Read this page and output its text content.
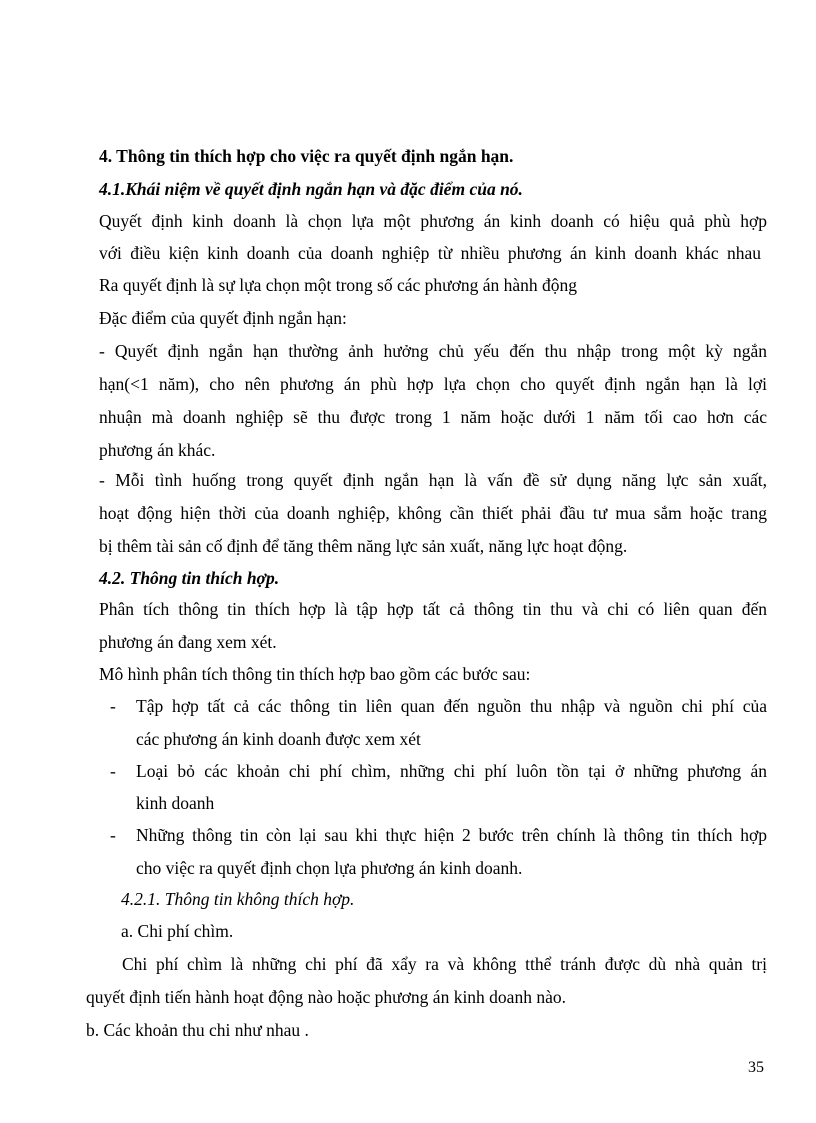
4. Thông tin thích hợp cho việc ra quyết định ngắn hạn.
4.1.Khái niệm về quyết định ngắn hạn và đặc điểm của nó.
Quyết định kinh doanh là chọn lựa một phương án kinh doanh có hiệu quả phù hợp
với điều kiện kinh doanh của doanh nghiệp từ nhiều phương án kinh doanh khác nhau
Ra quyết định là sự lựa chọn một trong số các phương án hành động
Đặc điểm của quyết định ngắn hạn:
- Quyết định ngắn hạn thường ảnh hưởng chủ yếu đến thu nhập trong một kỳ ngắn
hạn(<1 năm), cho nên phương án phù hợp lựa chọn cho quyết định ngắn hạn là lợi
nhuận mà doanh nghiệp sẽ thu được trong 1 năm hoặc dưới 1 năm tối cao hơn các
phương án khác.
- Mỗi tình huống trong quyết định ngắn hạn là vấn đề sử dụng năng lực sản xuất,
hoạt động hiện thời của doanh nghiệp, không cần thiết phải đầu tư mua sắm hoặc trang
bị thêm tài sản cố định để tăng thêm năng lực sản xuất, năng lực hoạt động.
4.2. Thông tin thích hợp.
Phân tích thông tin thích hợp là tập hợp tất cả thông tin thu và chi có liên quan đến
phương án đang xem xét.
Mô hình phân tích thông tin thích hợp bao gồm các bước sau:
- Tập hợp tất cả các thông tin liên quan đến nguồn thu nhập và nguồn chi phí của
các phương án kinh doanh được xem xét
- Loại bỏ các khoản chi phí chìm, những chi phí luôn tồn tại ở những phương án
kinh doanh
- Những thông tin còn lại sau khi thực hiện 2 bước trên chính là thông tin thích hợp
cho việc ra quyết định chọn lựa phương án kinh doanh.
4.2.1. Thông tin không thích hợp.
a. Chi phí chìm.
Chi phí chìm là những chi phí đã xẩy ra và không tthể tránh được dù nhà quản trị
quyết định tiến hành hoạt động nào hoặc phương án kinh doanh nào.
b. Các khoản thu chi như nhau .
35
